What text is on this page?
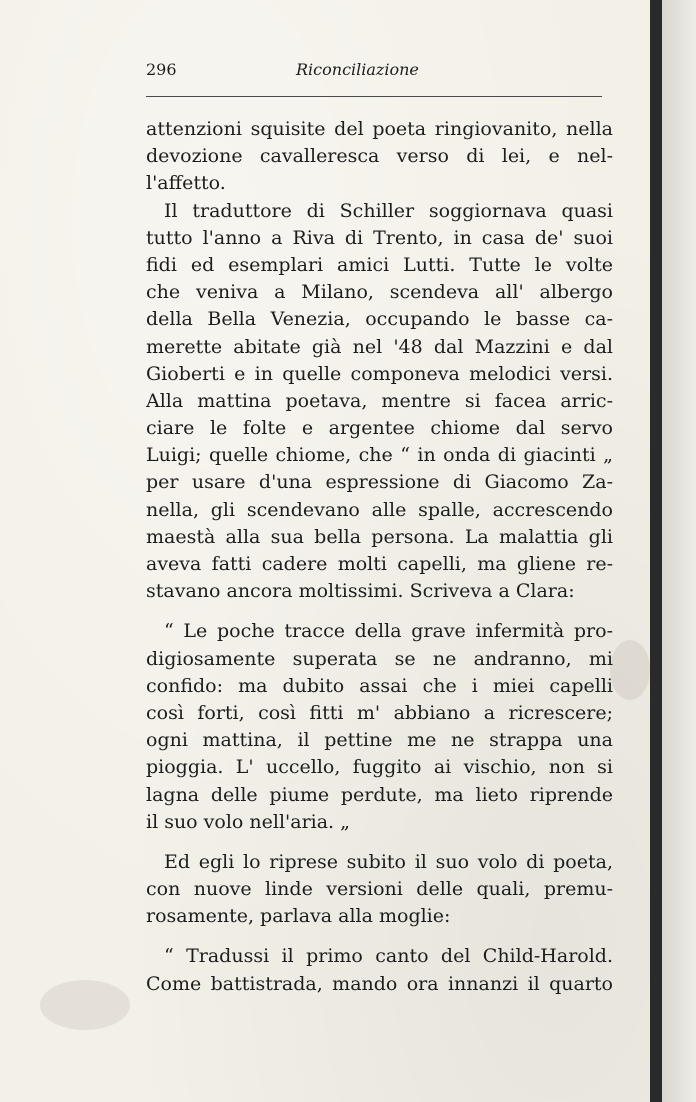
296	Riconciliazione
attenzioni squisite del poeta ringiovanito, nella
devozione cavalleresca verso di lei, e nel-
l'affetto.
Il traduttore di Schiller soggiornava quasi
tutto l'anno a Riva di Trento, in casa de' suoi
fidi ed esemplari amici Lutti. Tutte le volte
che veniva a Milano, scendeva all' albergo
della Bella Venezia, occupando le basse ca-
merette abitate già nel '48 dal Mazzini e dal
Gioberti e in quelle componeva melodici versi.
Alla mattina poetava, mentre si facea arric-
ciare le folte e argentee chiome dal servo
Luigi; quelle chiome, che “ in onda di giacinti „
per usare d'una espressione di Giacomo Za-
nella, gli scendevano alle spalle, accrescendo
maestà alla sua bella persona. La malattia gli
aveva fatti cadere molti capelli, ma gliene re-
stavano ancora moltissimi. Scriveva a Clara:
“ Le poche tracce della grave infermità pro-
digiosamente superata se ne andranno, mi
confido: ma dubito assai che i miei capelli
così forti, così fitti m' abbiano a ricrescere;
ogni mattina, il pettine me ne strappa una
pioggia. L' uccello, fuggito ai vischio, non si
lagna delle piume perdute, ma lieto riprende
il suo volo nell'aria. „
Ed egli lo riprese subito il suo volo di poeta,
con nuove linde versioni delle quali, premu-
rosamente, parlava alla moglie:
“ Tradussi il primo canto del Child-Harold.
Come battistrada, mando ora innanzi il quarto
